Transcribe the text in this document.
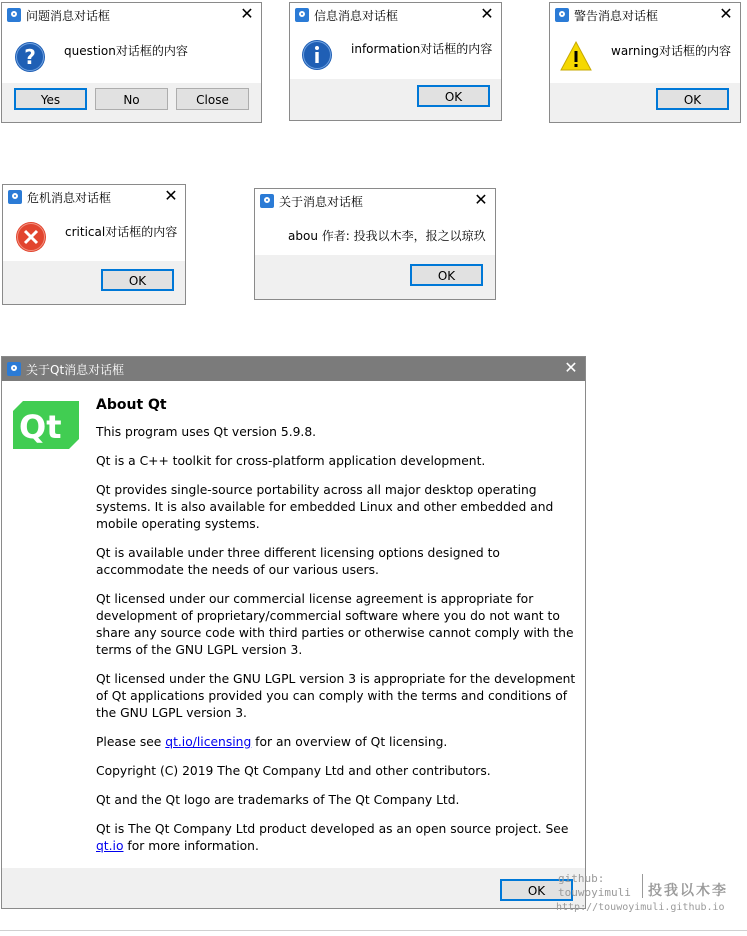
问题消息对话框	✕
? question对话框的内容
Yes	No	Close
信息消息对话框	✕
information对话框的内容
OK
警告消息对话框	✕
warning对话框的内容
OK
危机消息对话框	✕
critical对话框的内容
OK
关于消息对话框	✕
abou 作者: 投我以木李，报之以琼玖
OK
关于Qt消息对话框	✕
Qt
About Qt

This program uses Qt version 5.9.8.

Qt is a C++ toolkit for cross-platform application development.

Qt provides single-source portability across all major desktop operating systems. It is also available for embedded Linux and other embedded and mobile operating systems.

Qt is available under three different licensing options designed to accommodate the needs of our various users.

Qt licensed under our commercial license agreement is appropriate for development of proprietary/commercial software where you do not want to share any source code with third parties or otherwise cannot comply with the terms of the GNU LGPL version 3.

Qt licensed under the GNU LGPL version 3 is appropriate for the development of Qt applications provided you can comply with the terms and conditions of the GNU LGPL version 3.

Please see qt.io/licensing for an overview of Qt licensing.

Copyright (C) 2019 The Qt Company Ltd and other contributors.

Qt and the Qt logo are trademarks of The Qt Company Ltd.

Qt is The Qt Company Ltd product developed as an open source project. See qt.io for more information.

OK
github:
touwoyimuli 投我以木李
http://touwoyimuli.github.io
